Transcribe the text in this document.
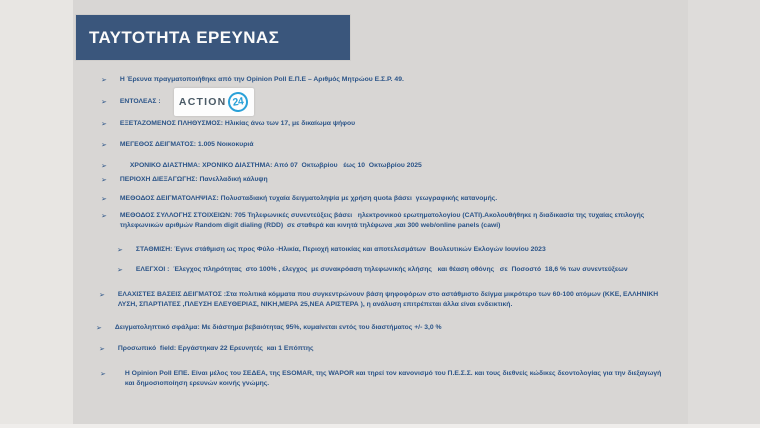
ΤΑΥΤΟΤΗΤΑ ΕΡΕΥΝΑΣ
➢ Η Έρευνα πραγματοποιήθηκε από την Opinion Poll Ε.Π.Ε – Αριθμός Μητρώου Ε.Σ.Ρ. 49.
➢ ΕΝΤΟΛΕΑΣ : ACTION 24
➢ ΕΞΕΤΑΖΟΜΕΝΟΣ ΠΛΗΘΥΣΜΟΣ: Ηλικίας άνω των 17, με δικαίωμα ψήφου
➢ ΜΕΓΕΘΟΣ ΔΕΙΓΜΑΤΟΣ: 1.005 Νοικοκυριά
➢	ΧΡΟΝΙΚΟ ΔΙΑΣΤΗΜΑ: ΧΡΟΝΙΚΟ ΔΙΑΣΤΗΜΑ: Από 07  Οκτωβρίου   έως 10  Οκτωβρίου 2025
➢ ΠΕΡΙΟΧΗ ΔΙΕΞΑΓΩΓΗΣ: Πανελλαδική κάλυψη
➢ ΜΕΘΟΔΟΣ ΔΕΙΓΜΑΤΟΛΗΨΙΑΣ: Πολυσταδιακή τυχαία δειγματοληψία με χρήση quota βάσει  γεωγραφικής κατανομής.
➢ ΜΕΘΟΔΟΣ ΣΥΛΛΟΓΗΣ ΣΤΟΙΧΕΙΩΝ: 705 Τηλεφωνικές συνεντεύξεις βάσει   ηλεκτρονικού ερωτηματολογίου (CATI).Ακολουθήθηκε η διαδικασία της τυχαίας επιλογής τηλεφωνικών αριθμών Random digit dialing (RDD)  σε σταθερά και κινητά τηλέφωνα ,και 300 web/online panels (cawi)
➢ ΣΤΑΘΜΙΣΗ: Έγινε στάθμιση ως προς Φύλο -Ηλικία, Περιοχή κατοικίας και αποτελεσμάτων  Βουλευτικών Εκλογών Ιουνίου 2023
➢ ΕΛΕΓΧΟΙ :  Έλεγχος πληρότητας  στο 100% , έλεγχος  με συνακρόαση τηλεφωνικής κλήσης   και θέαση οθόνης   σε  Ποσοστό  18,6 % των συνεντεύξεων
➢ ΕΛΑΧΙΣΤΕΣ ΒΑΣΕΙΣ ΔΕΙΓΜΑΤΟΣ :Στα πολιτικά κόμματα που συγκεντρώνουν βάση ψηφοφόρων στο αστάθμιστο δείγμα μικρότερο των 60-100 ατόμων (ΚΚΕ, ΕΛΛΗΝΙΚΗ ΛΥΣΗ, ΣΠΑΡΤΙΑΤΕΣ ,ΠΛΕΥΣΗ ΕΛΕΥΘΕΡΙΑΣ, ΝΙΚΗ,ΜΕΡΑ 25,ΝΕΑ ΑΡΙΣΤΕΡΑ ), η ανάλυση επιτρέπεται άλλα είναι ενδεικτική.
➢ Δειγματοληπτικό σφάλμα: Με διάστημα βεβαιότητας 95%, κυμαίνεται εντός του διαστήματος +/- 3,0 %
➢ Προσωπικό  field: Εργάστηκαν 22 Ερευνητές  και 1 Επόπτης
➢	Η Opinion Poll ΕΠΕ. Είναι μέλος του ΣΕΔΕΑ, της ESOMAR, της WAPOR και τηρεί τον κανονισμό του Π.Ε.Σ.Σ. και τους διεθνείς κώδικες δεοντολογίας για την διεξαγωγή και δημοσιοποίηση ερευνών κοινής γνώμης.
